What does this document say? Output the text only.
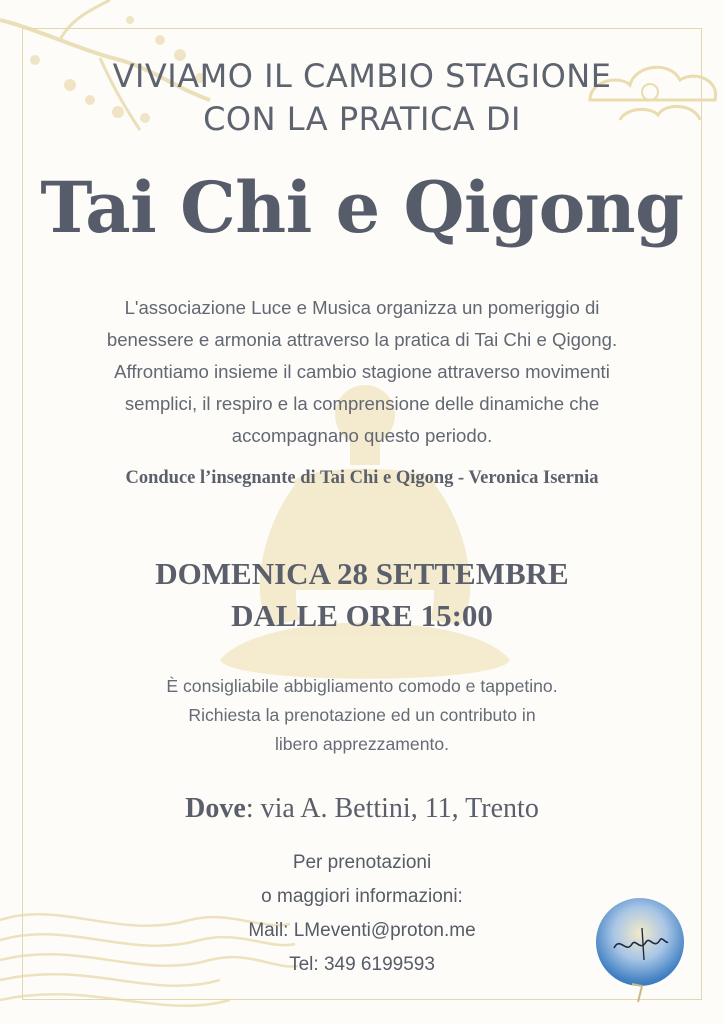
VIVIAMO IL CAMBIO STAGIONE
CON LA PRATICA DI
Tai Chi e Qigong
L'associazione Luce e Musica organizza un pomeriggio di
benessere e armonia attraverso la pratica di Tai Chi e Qigong.
Affrontiamo insieme il cambio stagione attraverso movimenti
semplici, il respiro e la comprensione delle dinamiche che
accompagnano questo periodo.
Conduce l’insegnante di Tai Chi e Qigong - Veronica Isernia
DOMENICA 28 SETTEMBRE
DALLE ORE 15:00
È consigliabile abbigliamento comodo e tappetino.
Richiesta la prenotazione ed un contributo in
libero apprezzamento.
Dove: via A. Bettini, 11, Trento
Per prenotazioni
o maggiori informazioni:
Mail: LMeventi@proton.me
Tel: 349 6199593
